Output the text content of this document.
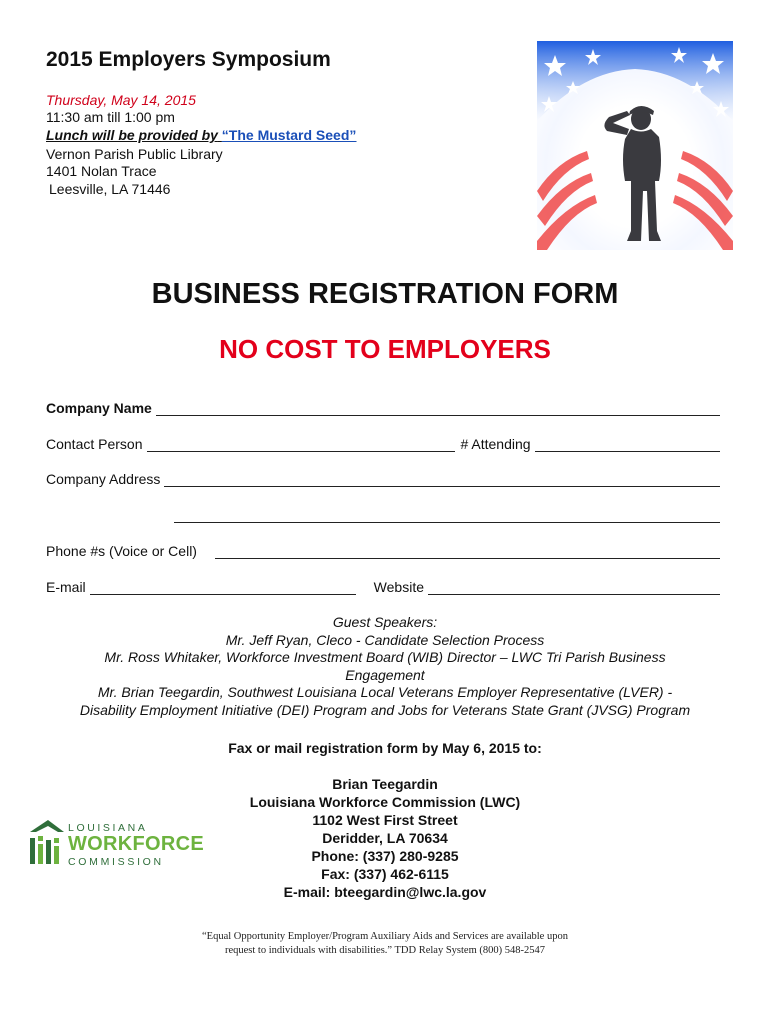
2015 Employers Symposium
Thursday, May 14, 2015
11:30 am till 1:00 pm
Lunch will be provided by “The Mustard Seed”
Vernon Parish Public Library
1401 Nolan Trace
Leesville, LA 71446
BUSINESS REGISTRATION FORM
NO COST TO EMPLOYERS
Company Name
Contact Person	# Attending
Company Address
Phone #s (Voice or Cell)
E-mail	Website
Guest Speakers:
Mr. Jeff Ryan, Cleco - Candidate Selection Process
Mr. Ross Whitaker, Workforce Investment Board (WIB) Director – LWC Tri Parish Business
Engagement
Mr. Brian Teegardin, Southwest Louisiana Local Veterans Employer Representative (LVER) -
Disability Employment Initiative (DEI) Program and Jobs for Veterans State Grant (JVSG) Program
Fax or mail registration form by May 6, 2015 to:
Brian Teegardin
Louisiana Workforce Commission (LWC)
1102 West First Street
Deridder, LA 70634
Phone: (337) 280-9285
Fax: (337) 462-6115
E-mail: bteegardin@lwc.la.gov
LOUISIANA
WORKFORCE
COMMISSION
“Equal Opportunity Employer/Program Auxiliary Aids and Services are available upon
request to individuals with disabilities.” TDD Relay System (800) 548-2547
